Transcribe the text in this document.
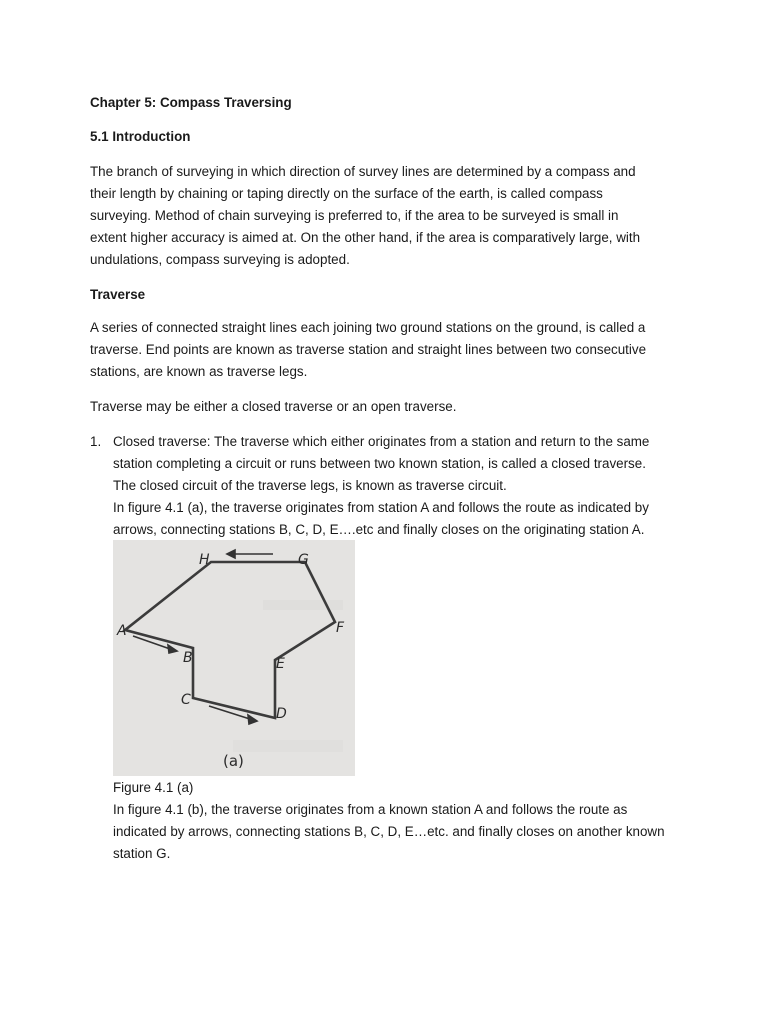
Chapter 5: Compass Traversing

5.1 Introduction

The branch of surveying in which direction of survey lines are determined by a compass and
their length by chaining or taping directly on the surface of the earth, is called compass
surveying. Method of chain surveying is preferred to, if the area to be surveyed is small in
extent higher accuracy is aimed at. On the other hand, if the area is comparatively large, with
undulations, compass surveying is adopted.

Traverse

A series of connected straight lines each joining two ground stations on the ground, is called a
traverse. End points are known as traverse station and straight lines between two consecutive
stations, are known as traverse legs.
Traverse may be either a closed traverse or an open traverse.
1. Closed traverse: The traverse which either originates from a station and return to the same
station completing a circuit or runs between two known station, is called a closed traverse.
The closed circuit of the traverse legs, is known as traverse circuit.
In figure 4.1 (a), the traverse originates from station A and follows the route as indicated by
arrows, connecting stations B, C, D, E….etc and finally closes on the originating station A.
A
B
C
D
E
F
G
H
(a)
Figure 4.1 (a)
In figure 4.1 (b), the traverse originates from a known station A and follows the route as
indicated by arrows, connecting stations B, C, D, E…etc. and finally closes on another known
station G.
